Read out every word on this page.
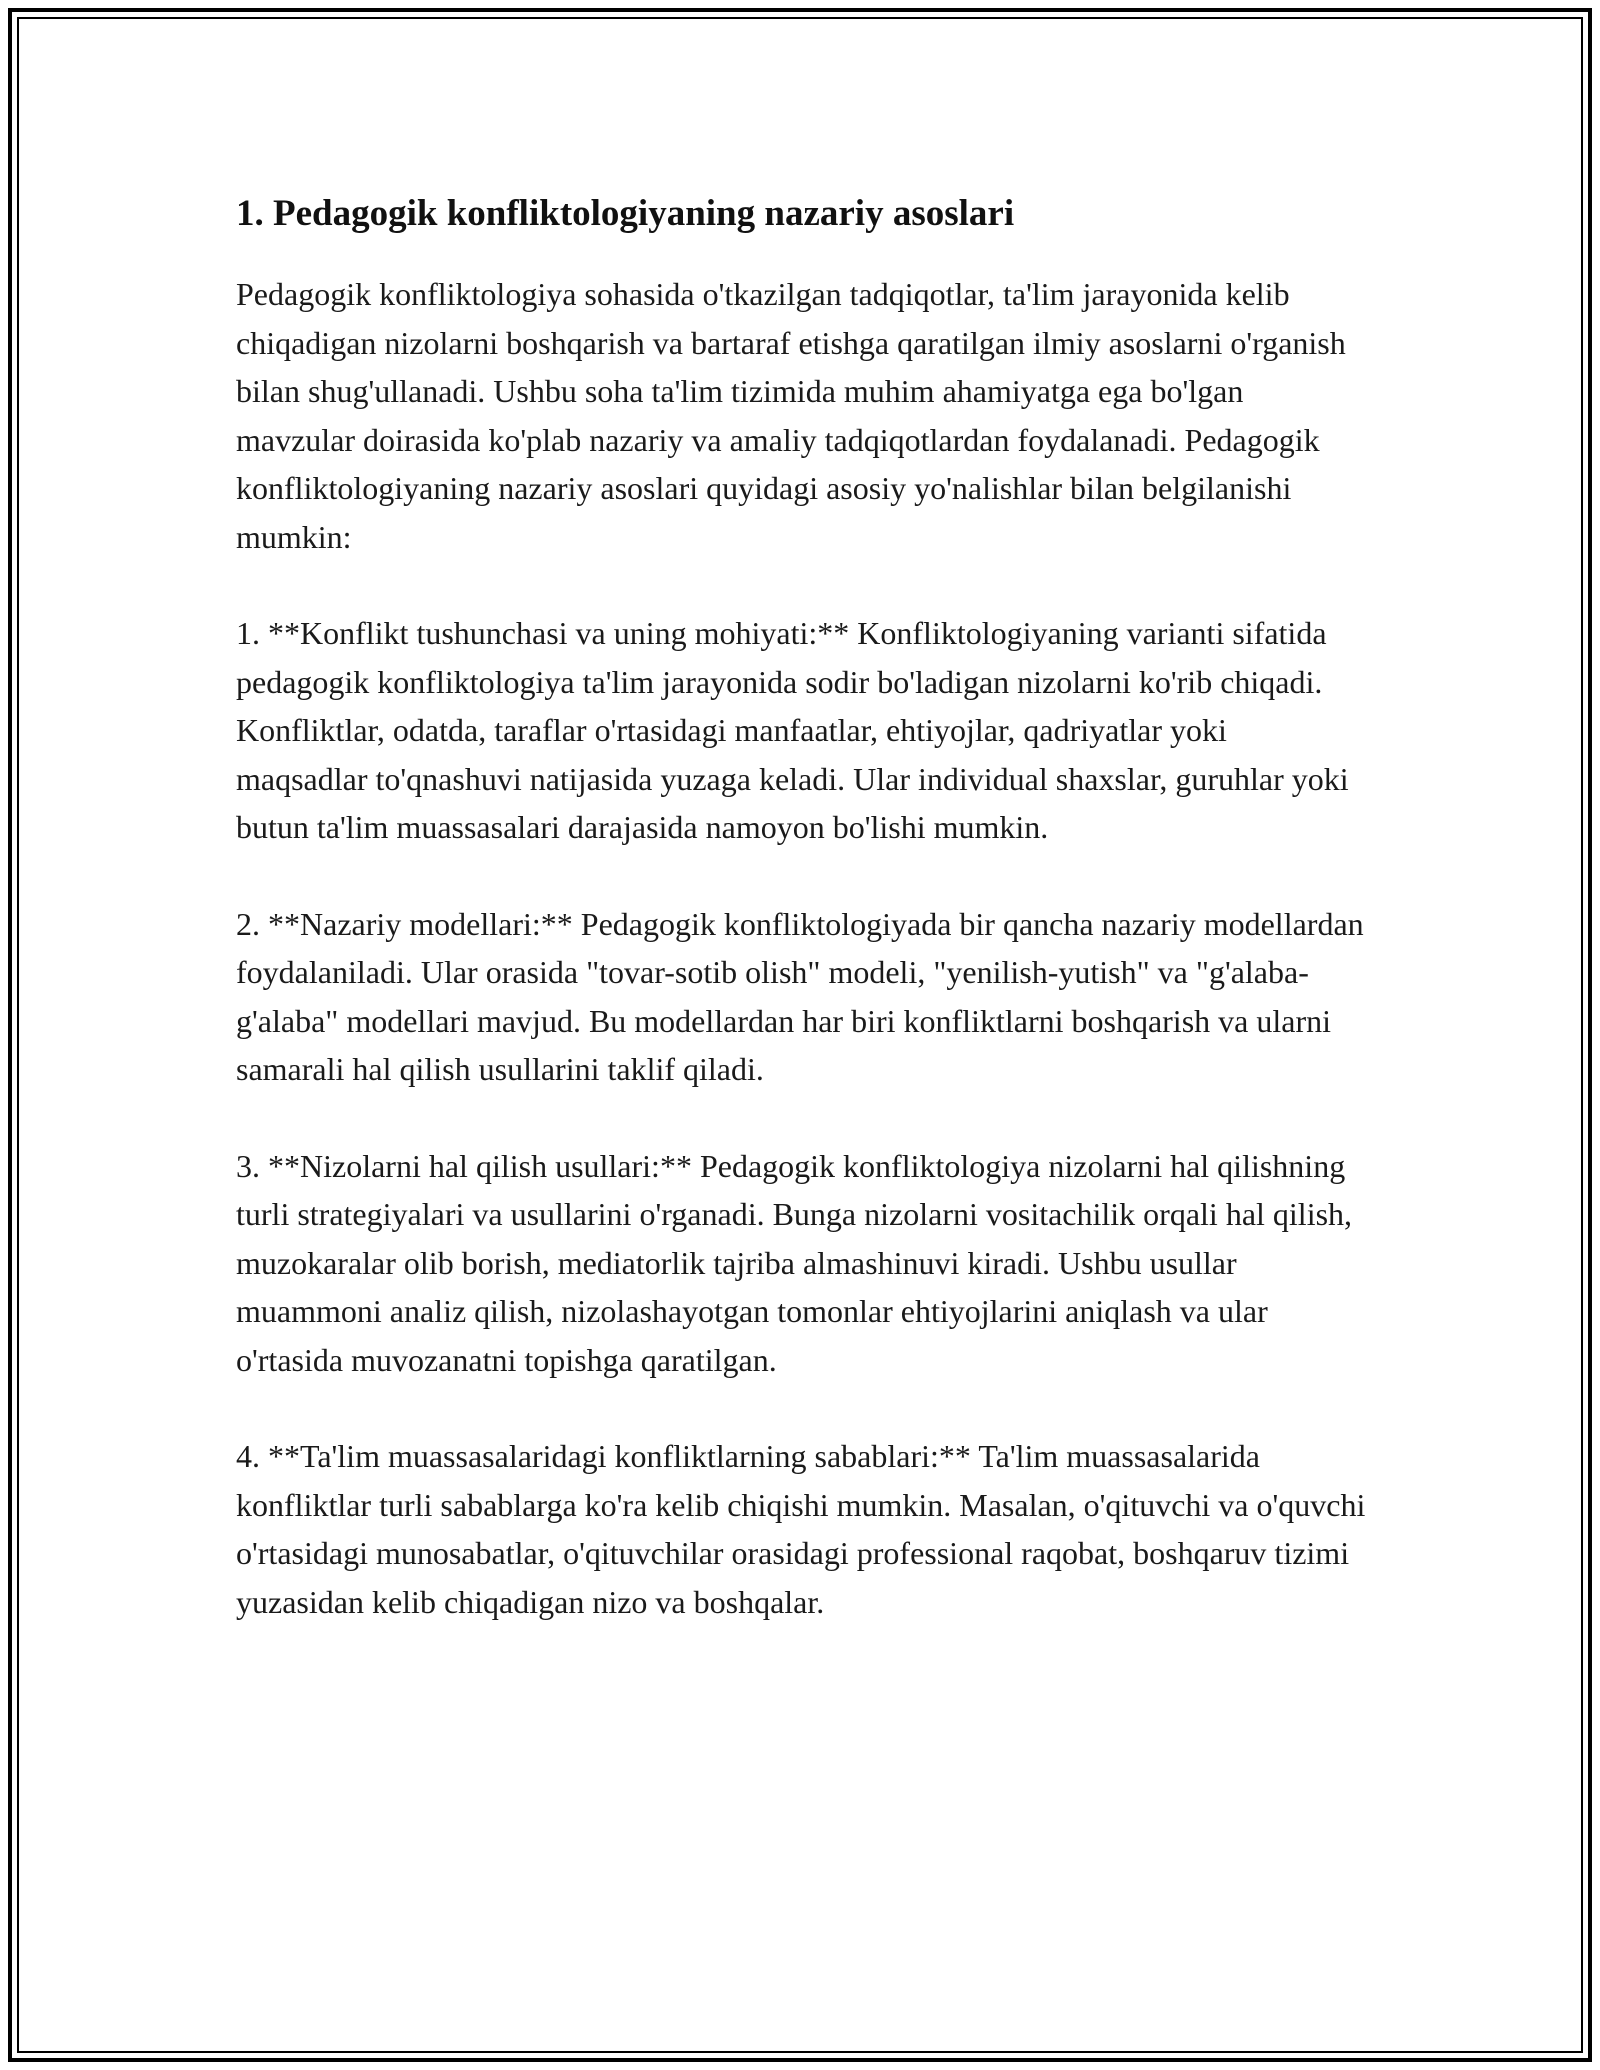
1. Pedagogik konfliktologiyaning nazariy asoslari

Pedagogik konfliktologiya sohasida o'tkazilgan tadqiqotlar, ta'lim jarayonida kelib chiqadigan nizolarni boshqarish va bartaraf etishga qaratilgan ilmiy asoslarni o'rganish bilan shug'ullanadi. Ushbu soha ta'lim tizimida muhim ahamiyatga ega bo'lgan mavzular doirasida ko'plab nazariy va amaliy tadqiqotlardan foydalanadi. Pedagogik konfliktologiyaning nazariy asoslari quyidagi asosiy yo'nalishlar bilan belgilanishi mumkin:

1. **Konflikt tushunchasi va uning mohiyati:** Konfliktologiyaning varianti sifatida pedagogik konfliktologiya ta'lim jarayonida sodir bo'ladigan nizolarni ko'rib chiqadi. Konfliktlar, odatda, taraflar o'rtasidagi manfaatlar, ehtiyojlar, qadriyatlar yoki maqsadlar to'qnashuvi natijasida yuzaga keladi. Ular individual shaxslar, guruhlar yoki butun ta'lim muassasalari darajasida namoyon bo'lishi mumkin.

2. **Nazariy modellari:** Pedagogik konfliktologiyada bir qancha nazariy modellardan foydalaniladi. Ular orasida "tovar-sotib olish" modeli, "yenilish-yutish" va "g'alaba-g'alaba" modellari mavjud. Bu modellardan har biri konfliktlarni boshqarish va ularni samarali hal qilish usullarini taklif qiladi.

3. **Nizolarni hal qilish usullari:** Pedagogik konfliktologiya nizolarni hal qilishning turli strategiyalari va usullarini o'rganadi. Bunga nizolarni vositachilik orqali hal qilish, muzokaralar olib borish, mediatorlik tajriba almashinuvi kiradi. Ushbu usullar muammoni analiz qilish, nizolashayotgan tomonlar ehtiyojlarini aniqlash va ular o'rtasida muvozanatni topishga qaratilgan.

4. **Ta'lim muassasalaridagi konfliktlarning sabablari:** Ta'lim muassasalarida konfliktlar turli sabablarga ko'ra kelib chiqishi mumkin. Masalan, o'qituvchi va o'quvchi o'rtasidagi munosabatlar, o'qituvchilar orasidagi professional raqobat, boshqaruv tizimi yuzasidan kelib chiqadigan nizo va boshqalar.
